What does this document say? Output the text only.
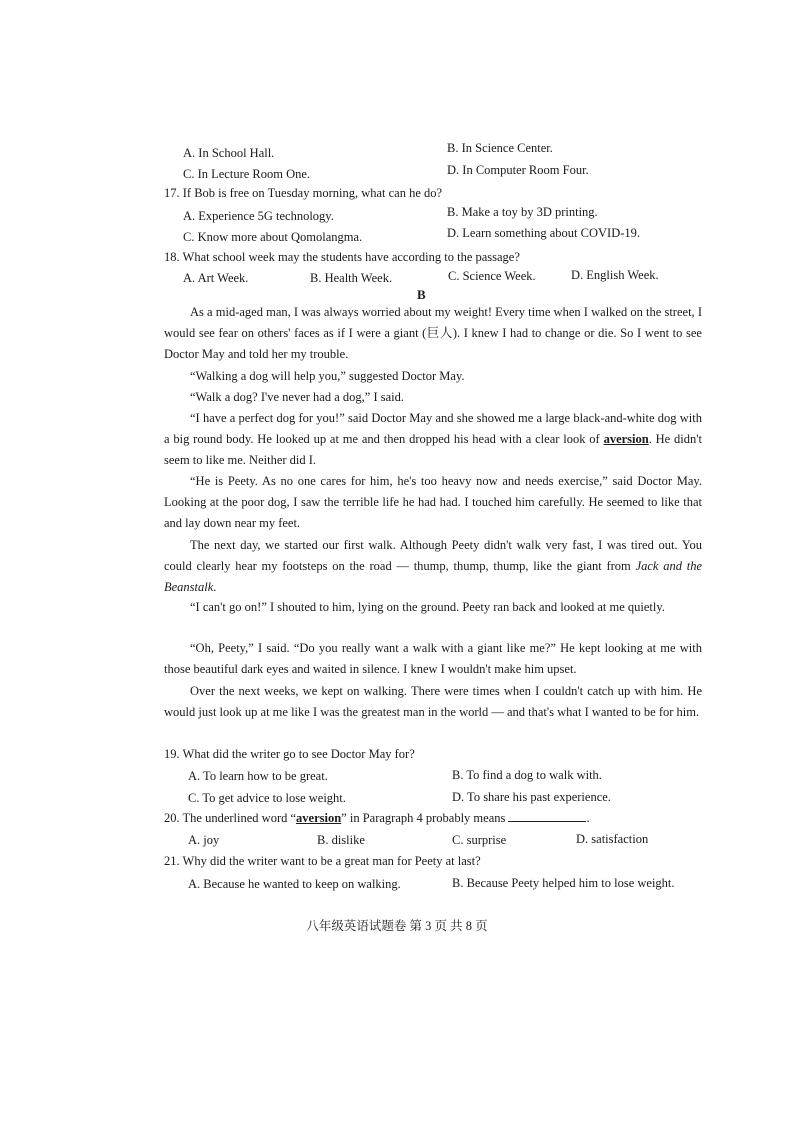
A. In School Hall.	B. In Science Center.
C. In Lecture Room One.	D. In Computer Room Four.
17. If Bob is free on Tuesday morning, what can he do?
A. Experience 5G technology.	B. Make a toy by 3D printing.
C. Know more about Qomolangma.	D. Learn something about COVID-19.
18. What school week may the students have according to the passage?
A. Art Week.	B. Health Week.	C. Science Week.	D. English Week.
B
As a mid-aged man, I was always worried about my weight! Every time when I walked on the street, I would see fear on others' faces as if I were a giant (巨人). I knew I had to change or die. So I went to see Doctor May and told her my trouble.
“Walking a dog will help you,” suggested Doctor May.
“Walk a dog? I've never had a dog,” I said.
“I have a perfect dog for you!” said Doctor May and she showed me a large black-and-white dog with a big round body. He looked up at me and then dropped his head with a clear look of aversion. He didn't seem to like me. Neither did I.
“He is Peety. As no one cares for him, he's too heavy now and needs exercise,” said Doctor May. Looking at the poor dog, I saw the terrible life he had had. I touched him carefully. He seemed to like that and lay down near my feet.
The next day, we started our first walk. Although Peety didn't walk very fast, I was tired out. You could clearly hear my footsteps on the road — thump, thump, thump, like the giant from Jack and the Beanstalk.
“I can't go on!” I shouted to him, lying on the ground. Peety ran back and looked at me quietly.
“Oh, Peety,” I said. “Do you really want a walk with a giant like me?” He kept looking at me with those beautiful dark eyes and waited in silence. I knew I wouldn't make him upset.
Over the next weeks, we kept on walking. There were times when I couldn't catch up with him. He would just look up at me like I was the greatest man in the world — and that's what I wanted to be for him.
19. What did the writer go to see Doctor May for?
A. To learn how to be great.	B. To find a dog to walk with.
C. To get advice to lose weight.	D. To share his past experience.
20. The underlined word “aversion” in Paragraph 4 probably means	.
A. joy	B. dislike	C. surprise	D. satisfaction
21. Why did the writer want to be a great man for Peety at last?
A. Because he wanted to keep on walking.	B. Because Peety helped him to lose weight.
八年级英语试题卷 第 3 页 共 8 页
